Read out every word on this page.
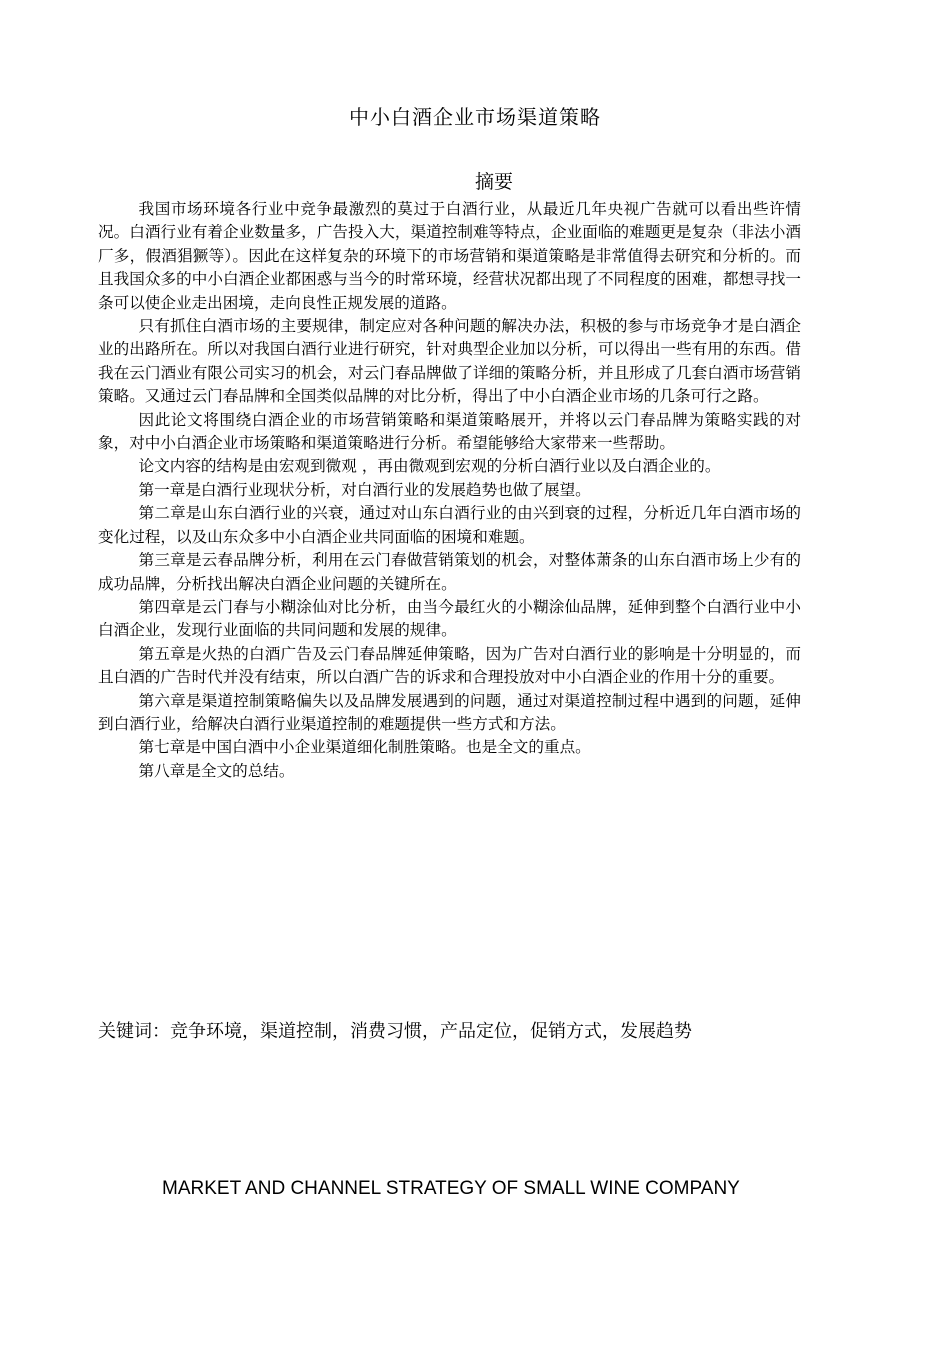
中小白酒企业市场渠道策略
摘要

我国市场环境各行业中竞争最激烈的莫过于白酒行业，从最近几年央视广告就可以看出些许情况。白酒行业有着企业数量多，广告投入大，渠道控制难等特点，企业面临的难题更是复杂（非法小酒厂多，假酒猖獗等）。因此在这样复杂的环境下的市场营销和渠道策略是非常值得去研究和分析的。而且我国众多的中小白酒企业都困惑与当今的时常环境，经营状况都出现了不同程度的困难，都想寻找一条可以使企业走出困境，走向良性正规发展的道路。

只有抓住白酒市场的主要规律，制定应对各种问题的解决办法，积极的参与市场竞争才是白酒企业的出路所在。所以对我国白酒行业进行研究，针对典型企业加以分析，可以得出一些有用的东西。借我在云门酒业有限公司实习的机会，对云门春品牌做了详细的策略分析，并且形成了几套白酒市场营销策略。又通过云门春品牌和全国类似品牌的对比分析，得出了中小白酒企业市场的几条可行之路。

因此论文将围绕白酒企业的市场营销策略和渠道策略展开，并将以云门春品牌为策略实践的对象，对中小白酒企业市场策略和渠道策略进行分析。希望能够给大家带来一些帮助。

论文内容的结构是由宏观到微观 ，再由微观到宏观的分析白酒行业以及白酒企业的。

第一章是白酒行业现状分析，对白酒行业的发展趋势也做了展望。

第二章是山东白酒行业的兴衰，通过对山东白酒行业的由兴到衰的过程，分析近几年白酒市场的变化过程，以及山东众多中小白酒企业共同面临的困境和难题。

第三章是云春品牌分析，利用在云门春做营销策划的机会，对整体萧条的山东白酒市场上少有的成功品牌，分析找出解决白酒企业问题的关键所在。

第四章是云门春与小糊涂仙对比分析，由当今最红火的小糊涂仙品牌，延伸到整个白酒行业中小白酒企业，发现行业面临的共同问题和发展的规律。

第五章是火热的白酒广告及云门春品牌延伸策略，因为广告对白酒行业的影响是十分明显的，而且白酒的广告时代并没有结束，所以白酒广告的诉求和合理投放对中小白酒企业的作用十分的重要。

第六章是渠道控制策略偏失以及品牌发展遇到的问题，通过对渠道控制过程中遇到的问题，延伸到白酒行业，给解决白酒行业渠道控制的难题提供一些方式和方法。

第七章是中国白酒中小企业渠道细化制胜策略。也是全文的重点。

第八章是全文的总结。

关键词：竞争环境，渠道控制，消费习惯，产品定位，促销方式，发展趋势
MARKET AND CHANNEL STRATEGY OF SMALL WINE COMPANY
